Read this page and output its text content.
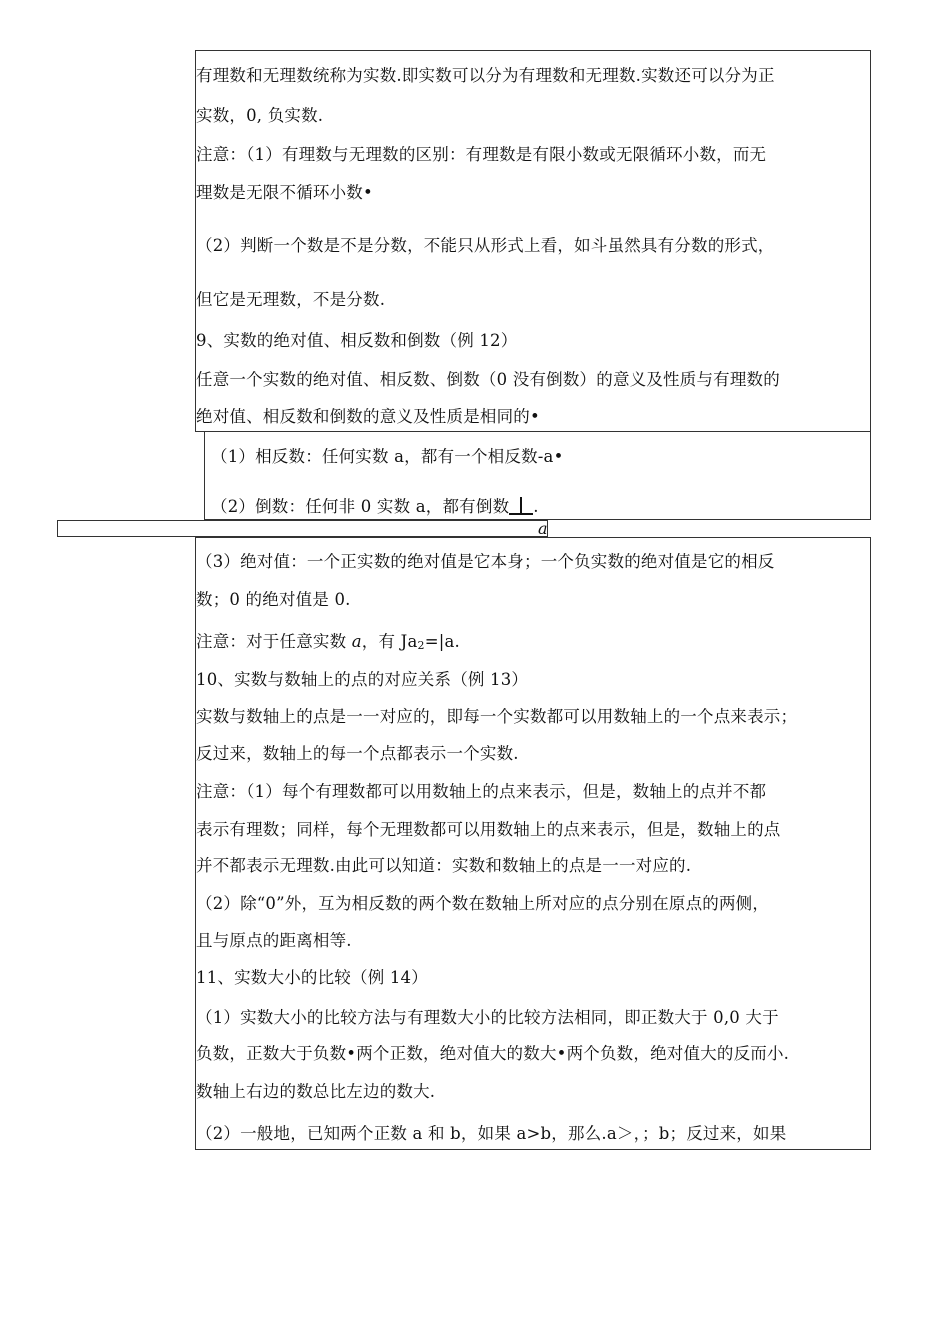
有理数和无理数统称为实数.即实数可以分为有理数和无理数.实数还可以分为正
实数，0, 负实数.
注意：（1）有理数与无理数的区别：有理数是有限小数或无限循环小数，而无
理数是无限不循环小数•
（2）判断一个数是不是分数，不能只从形式上看，如斗虽然具有分数的形式，
但它是无理数，不是分数.
9、实数的绝对值、相反数和倒数（例 12）
任意一个实数的绝对值、相反数、倒数（0 没有倒数）的意义及性质与有理数的
绝对值、相反数和倒数的意义及性质是相同的•
（1）相反数：任何实数 a，都有一个相反数-a•
（2）倒数：任何非 0 实数 a，都有倒数 .
a
（3）绝对值：一个正实数的绝对值是它本身；一个负实数的绝对值是它的相反
数；0 的绝对值是 0.
注意：对于任意实数 a，有 Ja2=|a.
10、实数与数轴上的点的对应关系（例 13）
实数与数轴上的点是一一对应的，即每一个实数都可以用数轴上的一个点来表示；
反过来，数轴上的每一个点都表示一个实数.
注意：（1）每个有理数都可以用数轴上的点来表示，但是，数轴上的点并不都
表示有理数；同样，每个无理数都可以用数轴上的点来表示，但是，数轴上的点
并不都表示无理数.由此可以知道：实数和数轴上的点是一一对应的.
（2）除“0”外，互为相反数的两个数在数轴上所对应的点分别在原点的两侧，
且与原点的距离相等.
11、实数大小的比较（例 14）
（1）实数大小的比较方法与有理数大小的比较方法相同，即正数大于 0,0 大于
负数，正数大于负数•两个正数，绝对值大的数大•两个负数，绝对值大的反而小.
数轴上右边的数总比左边的数大.
（2）一般地，已知两个正数 a 和 b，如果 a>b，那么.a＞，；b；反过来，如果
